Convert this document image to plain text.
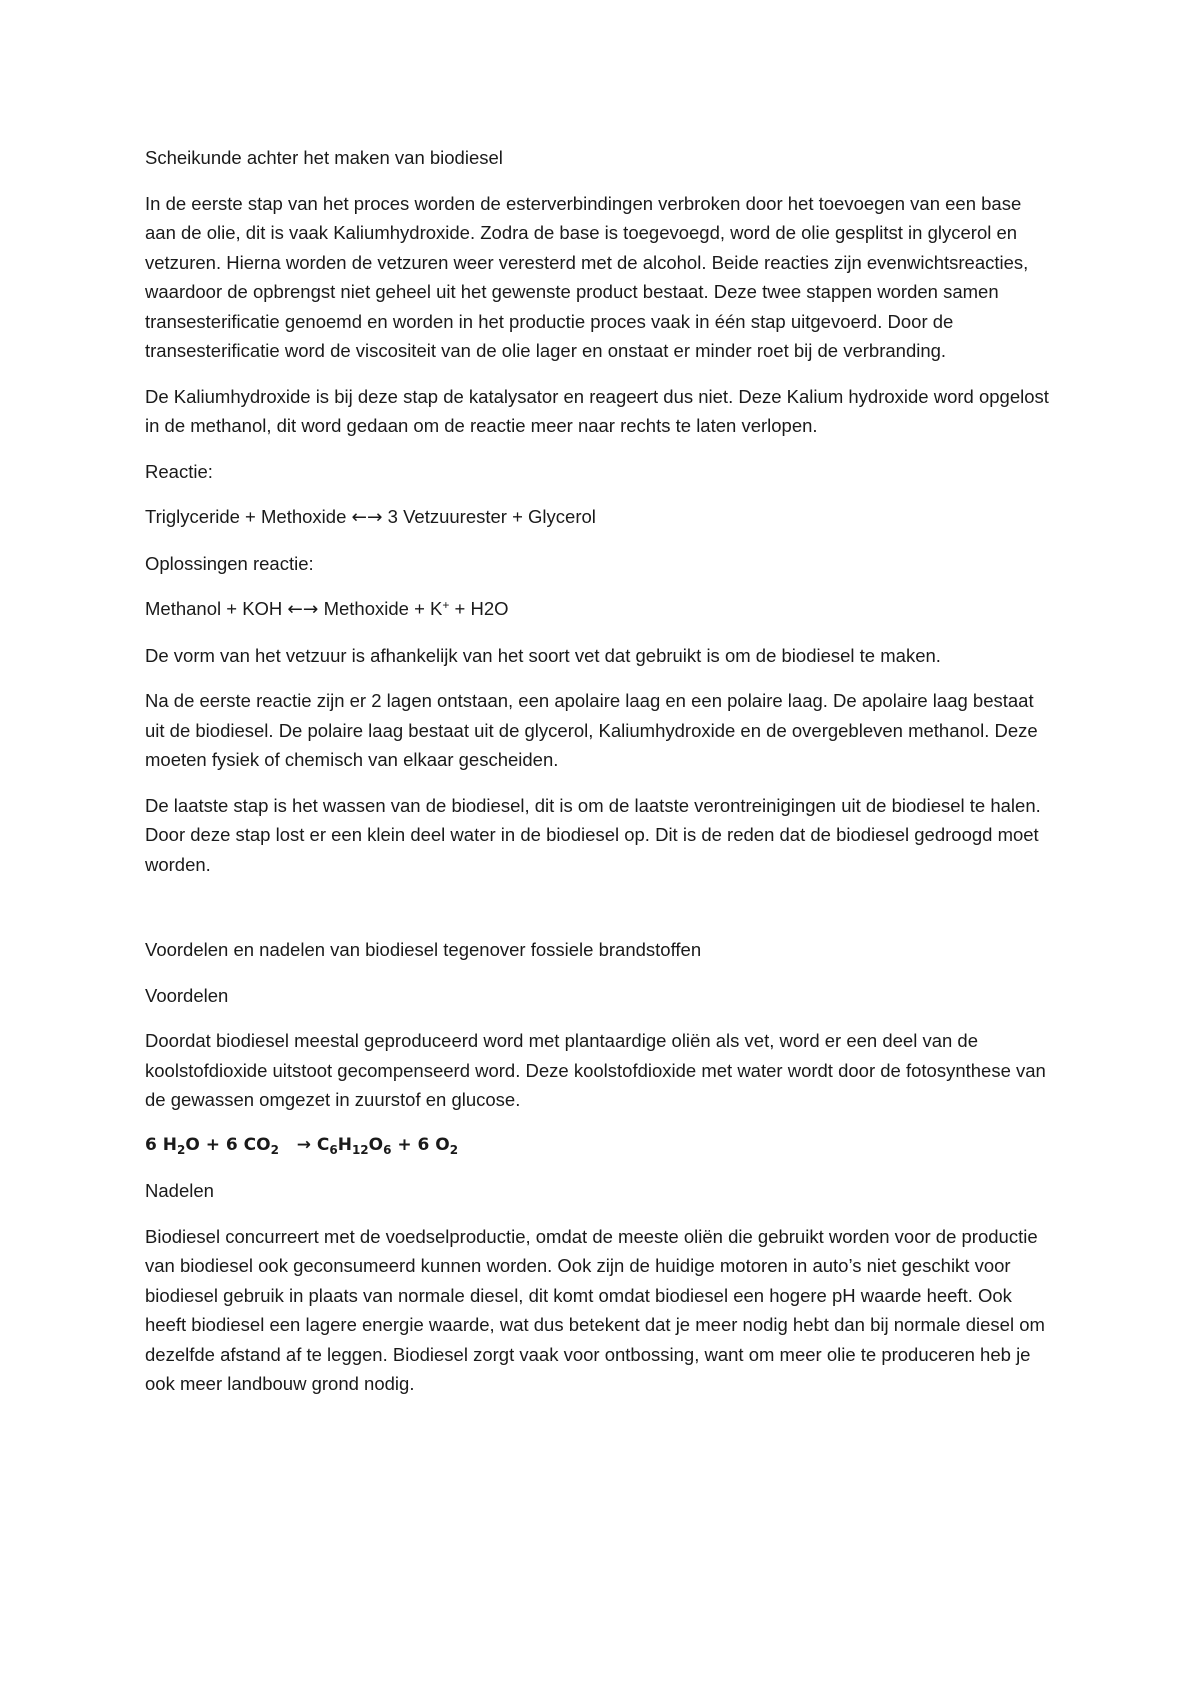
Scheikunde achter het maken van biodiesel

In de eerste stap van het proces worden de esterverbindingen verbroken door het toevoegen van een base aan de olie, dit is vaak Kaliumhydroxide. Zodra de base is toegevoegd, word de olie gesplitst in glycerol en vetzuren. Hierna worden de vetzuren weer veresterd met de alcohol. Beide reacties zijn evenwichtsreacties, waardoor de opbrengst niet geheel uit het gewenste product bestaat. Deze twee stappen worden samen transesterificatie genoemd en worden in het productie proces vaak in één stap uitgevoerd. Door de transesterificatie word de viscositeit van de olie lager en onstaat er minder roet bij de verbranding.

De Kaliumhydroxide is bij deze stap de katalysator en reageert dus niet. Deze Kalium hydroxide word opgelost in de methanol, dit word gedaan om de reactie meer naar rechts te laten verlopen.

Reactie:

Triglyceride + Methoxide ←→ 3 Vetzuurester + Glycerol

Oplossingen reactie:

Methanol + KOH ←→ Methoxide + K+ + H2O

De vorm van het vetzuur is afhankelijk van het soort vet dat gebruikt is om de biodiesel te maken.

Na de eerste reactie zijn er 2 lagen ontstaan, een apolaire laag en een polaire laag. De apolaire laag bestaat uit de biodiesel. De polaire laag bestaat uit de glycerol, Kaliumhydroxide en de overgebleven methanol. Deze moeten fysiek of chemisch van elkaar gescheiden.

De laatste stap is het wassen van de biodiesel, dit is om de laatste verontreinigingen uit de biodiesel te halen. Door deze stap lost er een klein deel water in de biodiesel op. Dit is de reden dat de biodiesel gedroogd moet worden.

Voordelen en nadelen van biodiesel tegenover fossiele brandstoffen

Voordelen

Doordat biodiesel meestal geproduceerd word met plantaardige oliën als vet, word er een deel van de koolstofdioxide uitstoot gecompenseerd word. Deze koolstofdioxide met water wordt door de fotosynthese van de gewassen omgezet in zuurstof en glucose.

6 $H_2O + 6$ $CO_2 \to C_6H_{12}O_6 + 6$ $O_2$

Nadelen

Biodiesel concurreert met de voedselproductie, omdat de meeste oliën die gebruikt worden voor de productie van biodiesel ook geconsumeerd kunnen worden. Ook zijn de huidige motoren in auto’s niet geschikt voor biodiesel gebruik in plaats van normale diesel, dit komt omdat biodiesel een hogere pH waarde heeft. Ook heeft biodiesel een lagere energie waarde, wat dus betekent dat je meer nodig hebt dan bij normale diesel om dezelfde afstand af te leggen. Biodiesel zorgt vaak voor ontbossing, want om meer olie te produceren heb je ook meer landbouw grond nodig.
